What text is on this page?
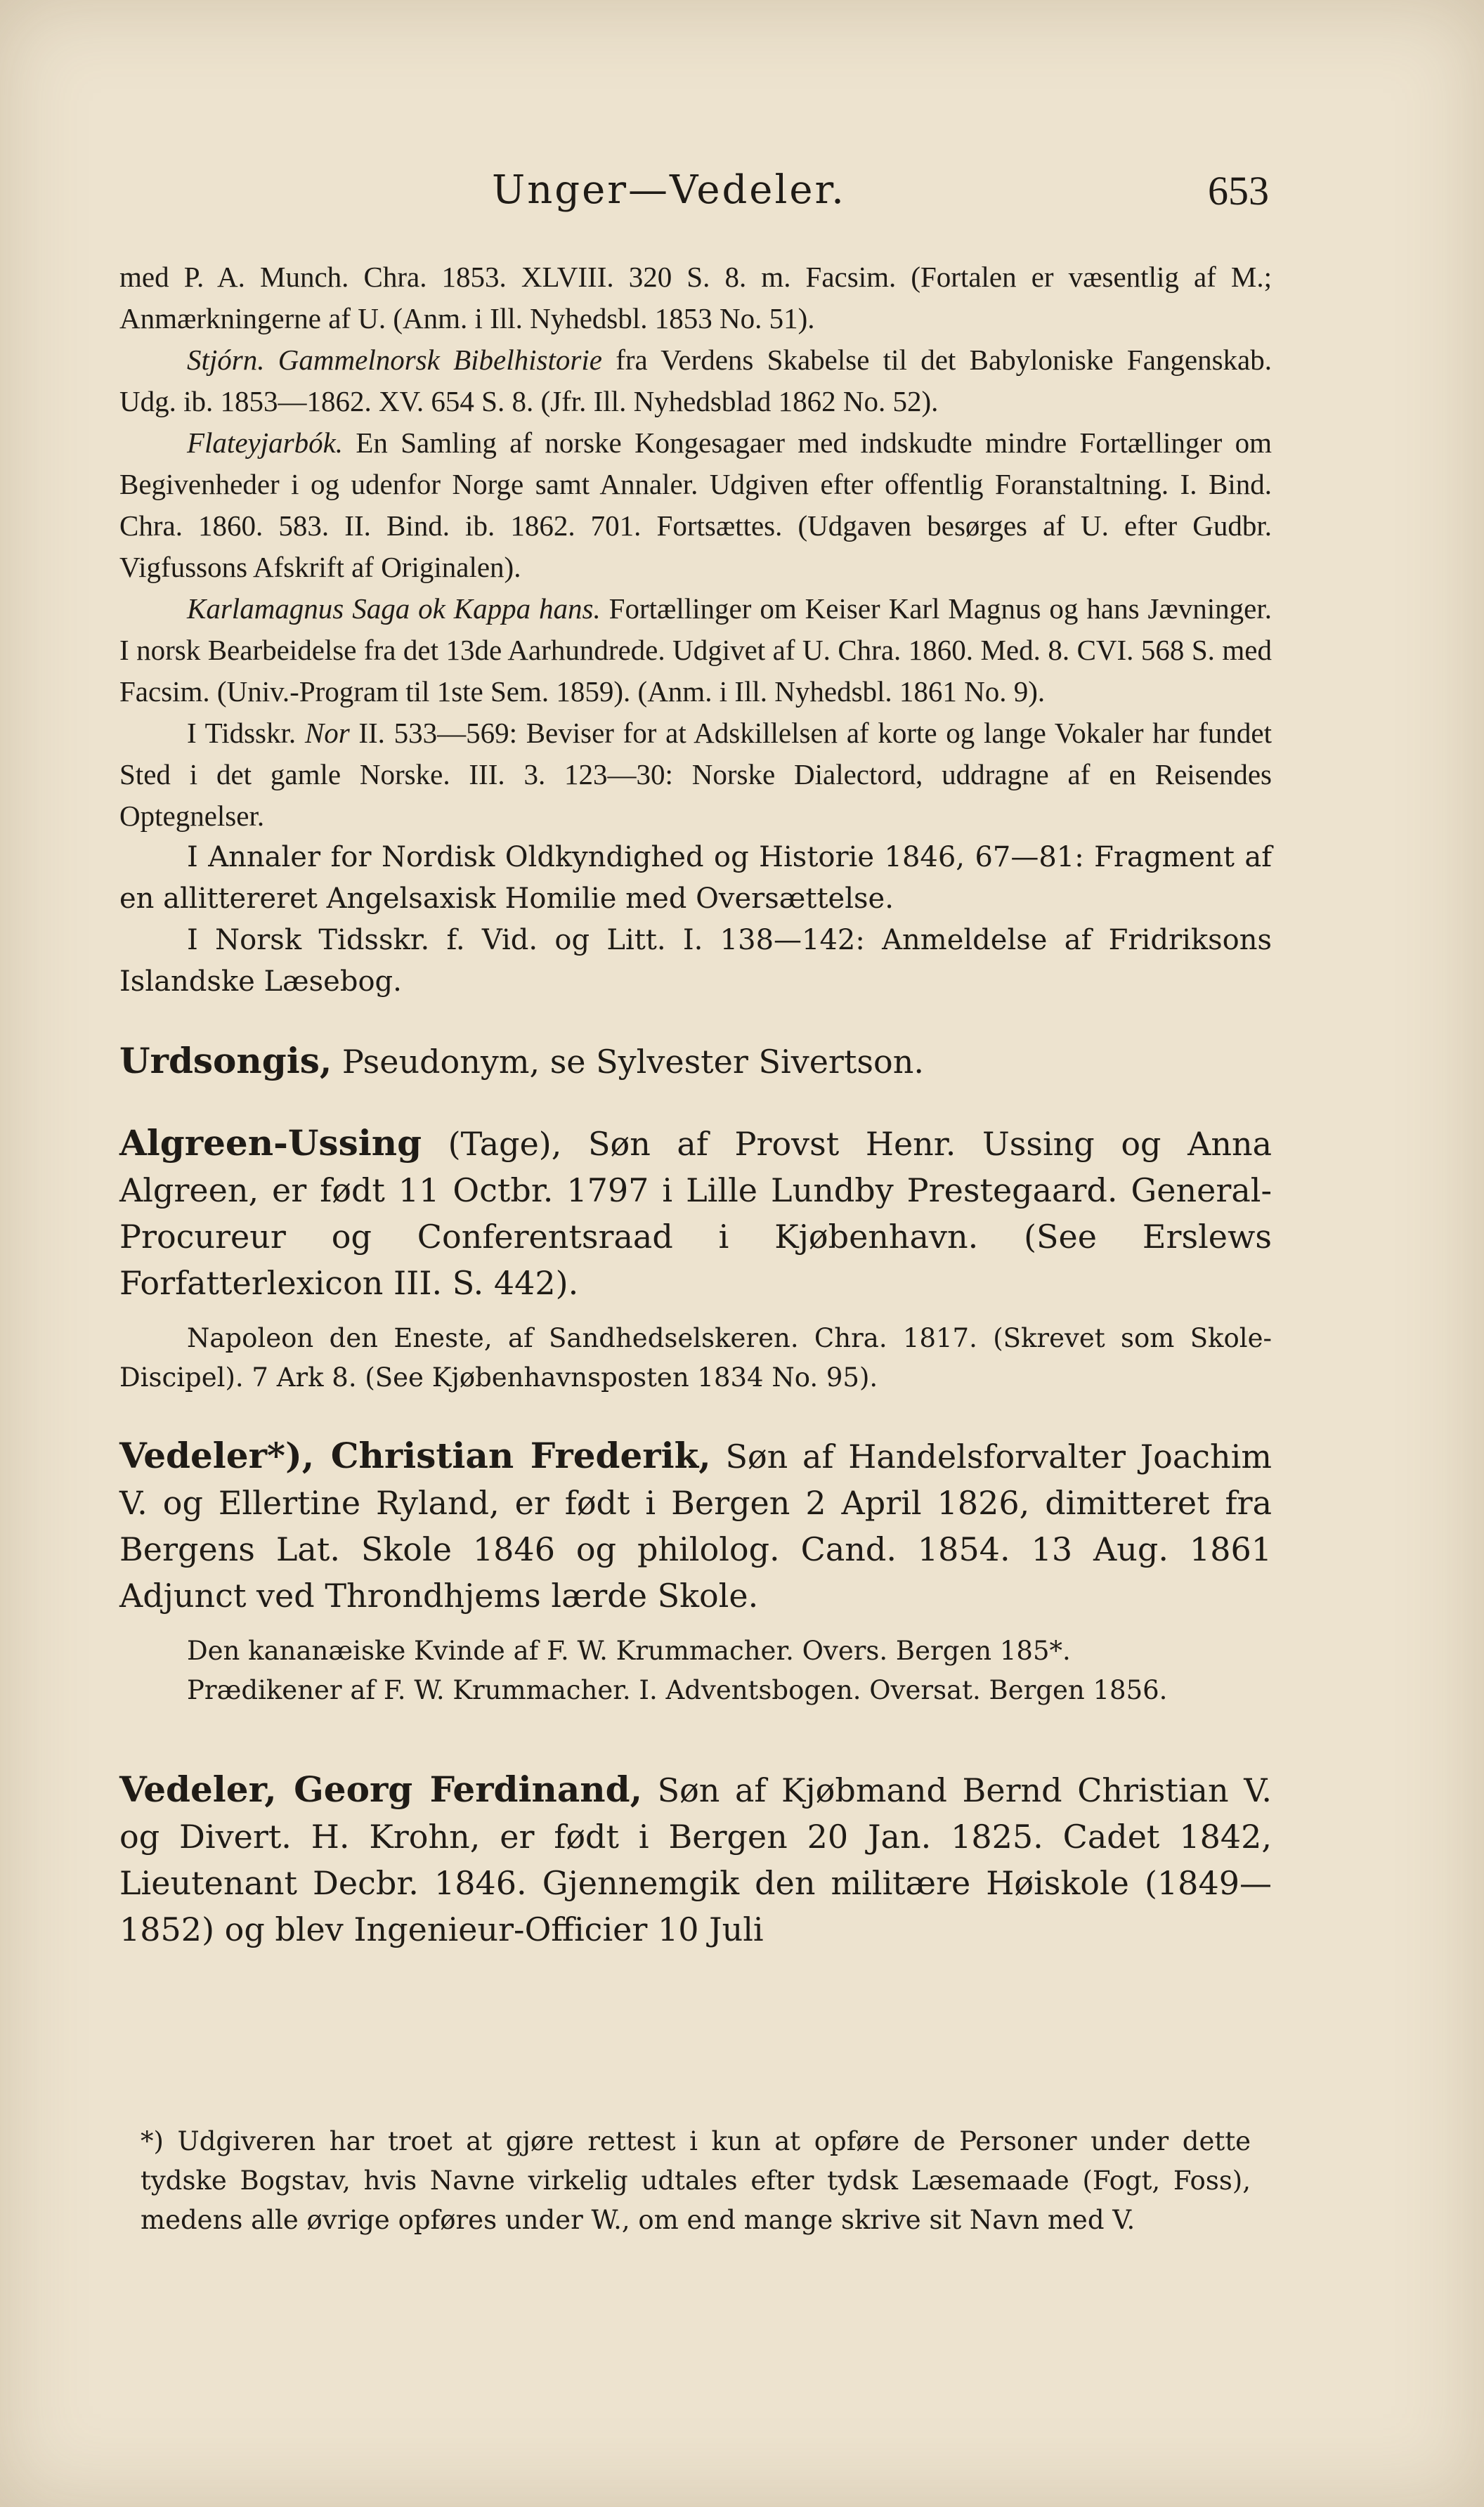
Unger—Vedeler.	653

med P. A. Munch. Chra. 1853. XLVIII. 320 S. 8. m. Facsim. (Fortalen er væsentlig af M.; Anmærkningerne af U. (Anm. i Ill. Nyhedsbl. 1853 No. 51).

Stjórn. Gammelnorsk Bibelhistorie fra Verdens Skabelse til det Babyloniske Fangenskab. Udg. ib. 1853—1862. XV. 654 S. 8. (Jfr. Ill. Nyhedsblad 1862 No. 52).

Flateyjarbók. En Samling af norske Kongesagaer med indskudte mindre Fortællinger om Begivenheder i og udenfor Norge samt Annaler. Udgiven efter offentlig Foranstaltning. I. Bind. Chra. 1860. 583. II. Bind. ib. 1862. 701. Fortsættes. (Udgaven besørges af U. efter Gudbr. Vigfussons Afskrift af Originalen).

Karlamagnus Saga ok Kappa hans. Fortællinger om Keiser Karl Magnus og hans Jævninger. I norsk Bearbeidelse fra det 13de Aarhundrede. Udgivet af U. Chra. 1860. Med. 8. CVI. 568 S. med Facsim. (Univ.-Program til 1ste Sem. 1859). (Anm. i Ill. Nyhedsbl. 1861 No. 9).

I Tidsskr. Nor II. 533—569: Beviser for at Adskillelsen af korte og lange Vokaler har fundet Sted i det gamle Norske. III. 3. 123—30: Norske Dialectord, uddragne af en Reisendes Optegnelser.

I Annaler for Nordisk Oldkyndighed og Historie 1846, 67—81: Fragment af en allittereret Angelsaxisk Homilie med Oversættelse.

I Norsk Tidsskr. f. Vid. og Litt. I. 138—142: Anmeldelse af Fridriksons Islandske Læsebog.

Urdsongis, Pseudonym, se Sylvester Sivertson.

Algreen-Ussing (Tage), Søn af Provst Henr. Ussing og Anna Algreen, er født 11 Octbr. 1797 i Lille Lundby Prestegaard. General-Procureur og Conferentsraad i Kjøbenhavn. (See Erslews Forfatterlexicon III. S. 442).

Napoleon den Eneste, af Sandhedselskeren. Chra. 1817. (Skrevet som Skole-Discipel). 7 Ark 8. (See Kjøbenhavnsposten 1834 No. 95).

Vedeler*), Christian Frederik, Søn af Handelsforvalter Joachim V. og Ellertine Ryland, er født i Bergen 2 April 1826, dimitteret fra Bergens Lat. Skole 1846 og philolog. Cand. 1854. 13 Aug. 1861 Adjunct ved Throndhjems lærde Skole.

Den kananæiske Kvinde af F. W. Krummacher. Overs. Bergen 185*.

Prædikener af F. W. Krummacher. I. Adventsbogen. Oversat. Bergen 1856.

Vedeler, Georg Ferdinand, Søn af Kjøbmand Bernd Christian V. og Divert. H. Krohn, er født i Bergen 20 Jan. 1825. Cadet 1842, Lieutenant Decbr. 1846. Gjennemgik den militære Høiskole (1849—1852) og blev Ingenieur-Officier 10 Juli

*) Udgiveren har troet at gjøre rettest i kun at opføre de Personer under dette tydske Bogstav, hvis Navne virkelig udtales efter tydsk Læsemaade (Fogt, Foss), medens alle øvrige opføres under W., om end mange skrive sit Navn med V.
